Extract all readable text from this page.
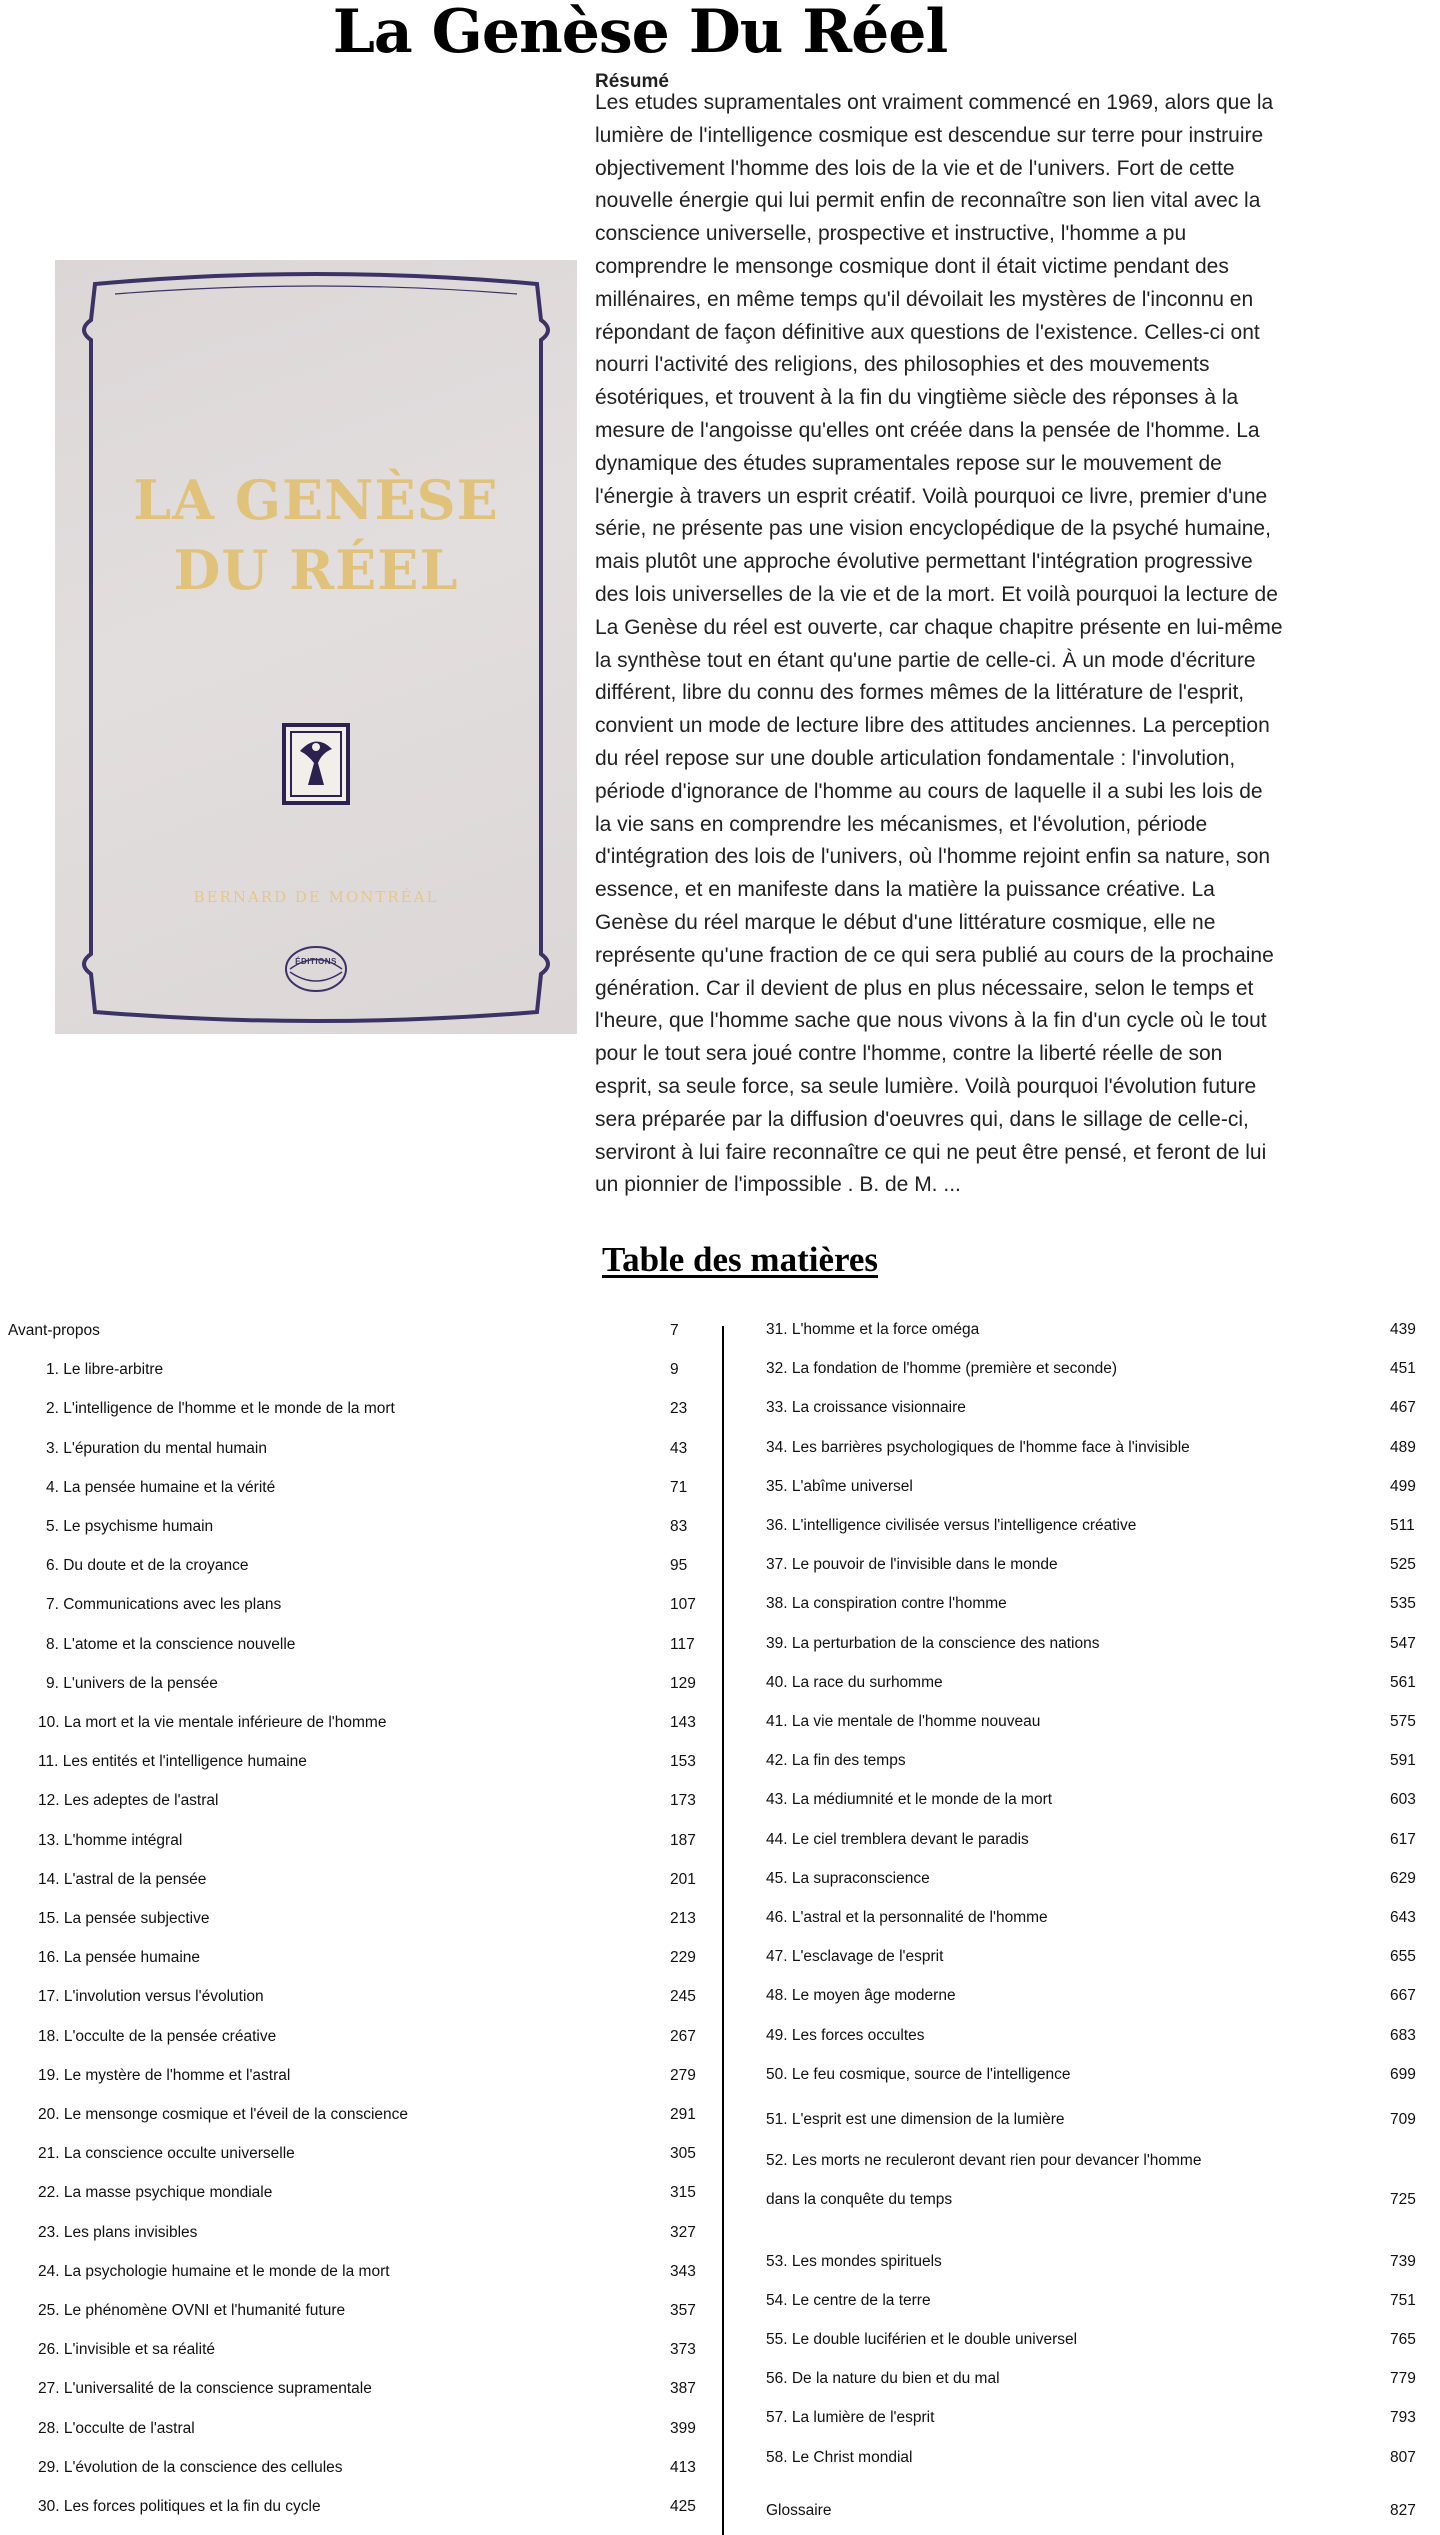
La Genèse Du Réel
LA GENÈSE
DU RÉEL
BERNARD DE MONTRÉAL
ÉDITIONS
Résumé
Les etudes supramentales ont vraiment commencé en 1969, alors que la
lumière de l'intelligence cosmique est descendue sur terre pour instruire
objectivement l'homme des lois de la vie et de l'univers. Fort de cette
nouvelle énergie qui lui permit enfin de reconnaître son lien vital avec la
conscience universelle, prospective et instructive, l'homme a pu
comprendre le mensonge cosmique dont il était victime pendant des
millénaires, en même temps qu'il dévoilait les mystères de l'inconnu en
répondant de façon définitive aux questions de l'existence. Celles-ci ont
nourri l'activité des religions, des philosophies et des mouvements
ésotériques, et trouvent à la fin du vingtième siècle des réponses à la
mesure de l'angoisse qu'elles ont créée dans la pensée de l'homme. La
dynamique des études supramentales repose sur le mouvement de
l'énergie à travers un esprit créatif. Voilà pourquoi ce livre, premier d'une
série, ne présente pas une vision encyclopédique de la psyché humaine,
mais plutôt une approche évolutive permettant l'intégration progressive
des lois universelles de la vie et de la mort. Et voilà pourquoi la lecture de
La Genèse du réel est ouverte, car chaque chapitre présente en lui-même
la synthèse tout en étant qu'une partie de celle-ci. À un mode d'écriture
différent, libre du connu des formes mêmes de la littérature de l'esprit,
convient un mode de lecture libre des attitudes anciennes. La perception
du réel repose sur une double articulation fondamentale : l'involution,
période d'ignorance de l'homme au cours de laquelle il a subi les lois de
la vie sans en comprendre les mécanismes, et l'évolution, période
d'intégration des lois de l'univers, où l'homme rejoint enfin sa nature, son
essence, et en manifeste dans la matière la puissance créative. La
Genèse du réel marque le début d'une littérature cosmique, elle ne
représente qu'une fraction de ce qui sera publié au cours de la prochaine
génération. Car il devient de plus en plus nécessaire, selon le temps et
l'heure, que l'homme sache que nous vivons à la fin d'un cycle où le tout
pour le tout sera joué contre l'homme, contre la liberté réelle de son
esprit, sa seule force, sa seule lumière. Voilà pourquoi l'évolution future
sera préparée par la diffusion d'oeuvres qui, dans le sillage de celle-ci,
serviront à lui faire reconnaître ce qui ne peut être pensé, et feront de lui
un pionnier de l'impossible . B. de M. ...
Table des matières
Avant-propos	7
1. Le libre-arbitre	9
2. L'intelligence de l'homme et le monde de la mort	23
3. L'épuration du mental humain	43
4. La pensée humaine et la vérité	71
5. Le psychisme humain	83
6. Du doute et de la croyance	95
7. Communications avec les plans	107
8. L'atome et la conscience nouvelle	117
9. L'univers de la pensée	129
10. La mort et la vie mentale inférieure de l'homme	143
11. Les entités et l'intelligence humaine	153
12. Les adeptes de l'astral	173
13. L'homme intégral	187
14. L'astral de la pensée	201
15. La pensée subjective	213
16. La pensée humaine	229
17. L'involution versus l'évolution	245
18. L'occulte de la pensée créative	267
19. Le mystère de l'homme et l'astral	279
20. Le mensonge cosmique et l'éveil de la conscience	291
21. La conscience occulte universelle	305
22. La masse psychique mondiale	315
23. Les plans invisibles	327
24. La psychologie humaine et le monde de la mort	343
25. Le phénomène OVNI et l'humanité future	357
26. L'invisible et sa réalité	373
27. L'universalité de la conscience supramentale	387
28. L'occulte de l'astral	399
29. L'évolution de la conscience des cellules	413
30. Les forces politiques et la fin du cycle	425
31. L'homme et la force oméga	439
32. La fondation de l'homme (première et seconde)	451
33. La croissance visionnaire	467
34. Les barrières psychologiques de l'homme face à l'invisible	489
35. L'abîme universel	499
36. L'intelligence civilisée versus l'intelligence créative	511
37. Le pouvoir de l'invisible dans le monde	525
38. La conspiration contre l'homme	535
39. La perturbation de la conscience des nations	547
40. La race du surhomme	561
41. La vie mentale de l'homme nouveau	575
42. La fin des temps	591
43. La médiumnité et le monde de la mort	603
44. Le ciel tremblera devant le paradis	617
45. La supraconscience	629
46. L'astral et la personnalité de l'homme	643
47. L'esclavage de l'esprit	655
48. Le moyen âge moderne	667
49. Les forces occultes	683
50. Le feu cosmique, source de l'intelligence	699
51. L'esprit est une dimension de la lumière	709
52. Les morts ne reculeront devant rien pour devancer l'homme
dans la conquête du temps	725
53. Les mondes spirituels	739
54. Le centre de la terre	751
55. Le double luciférien et le double universel	765
56. De la nature du bien et du mal	779
57. La lumière de l'esprit	793
58. Le Christ mondial	807
Glossaire	827
